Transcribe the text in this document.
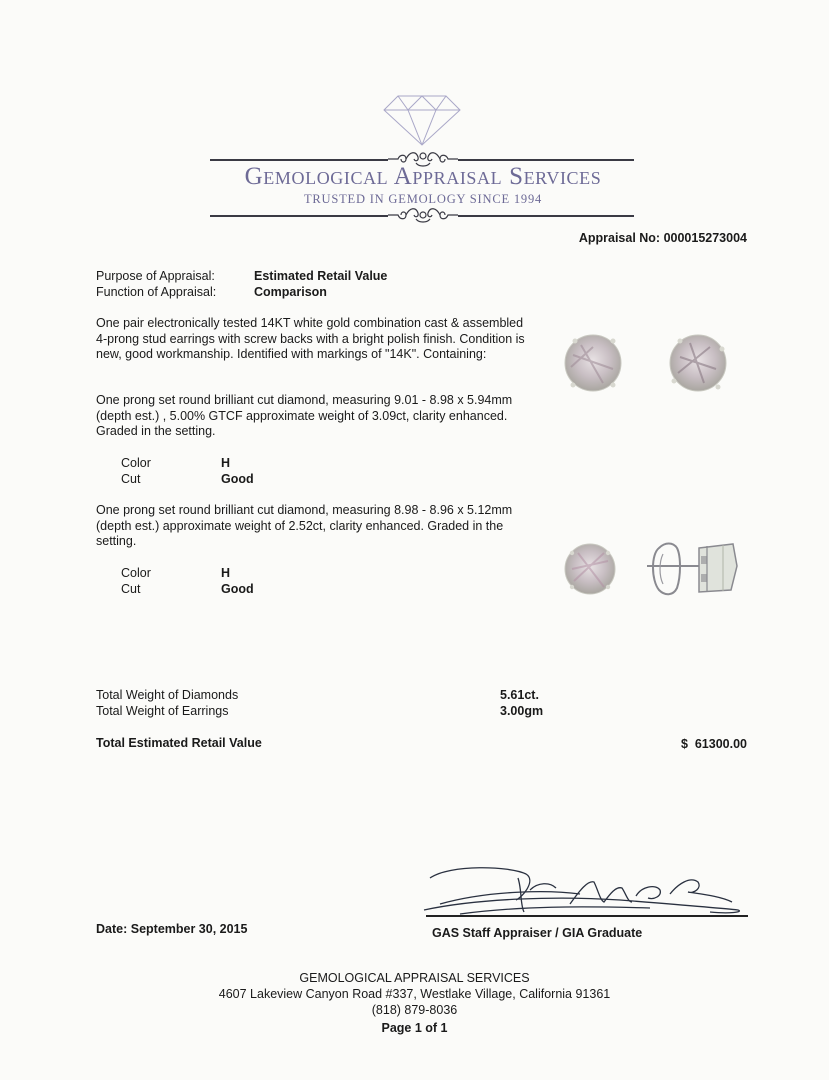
Gemological Appraisal Services
TRUSTED IN GEMOLOGY SINCE 1994
Appraisal No: 000015273004
Purpose of Appraisal:	Estimated Retail Value
Function of Appraisal:	Comparison
One pair electronically tested 14KT white gold combination cast & assembled 4-prong stud earrings with screw backs with a bright polish finish. Condition is new, good workmanship. Identified with markings of "14K". Containing:
One prong set round brilliant cut diamond, measuring 9.01 - 8.98 x 5.94mm (depth est.) , 5.00% GTCF approximate weight of 3.09ct, clarity enhanced. Graded in the setting.
Color	H
Cut	Good
One prong set round brilliant cut diamond, measuring 8.98 - 8.96 x 5.12mm (depth est.) approximate weight of 2.52ct, clarity enhanced. Graded in the setting.
Color	H
Cut	Good
Total Weight of Diamonds	5.61ct.
Total Weight of Earrings	3.00gm
Total Estimated Retail Value	$  61300.00
Date: September 30, 2015	GAS Staff Appraiser / GIA Graduate
GEMOLOGICAL APPRAISAL SERVICES
4607 Lakeview Canyon Road #337, Westlake Village, California 91361
(818) 879-8036
Page 1 of 1
